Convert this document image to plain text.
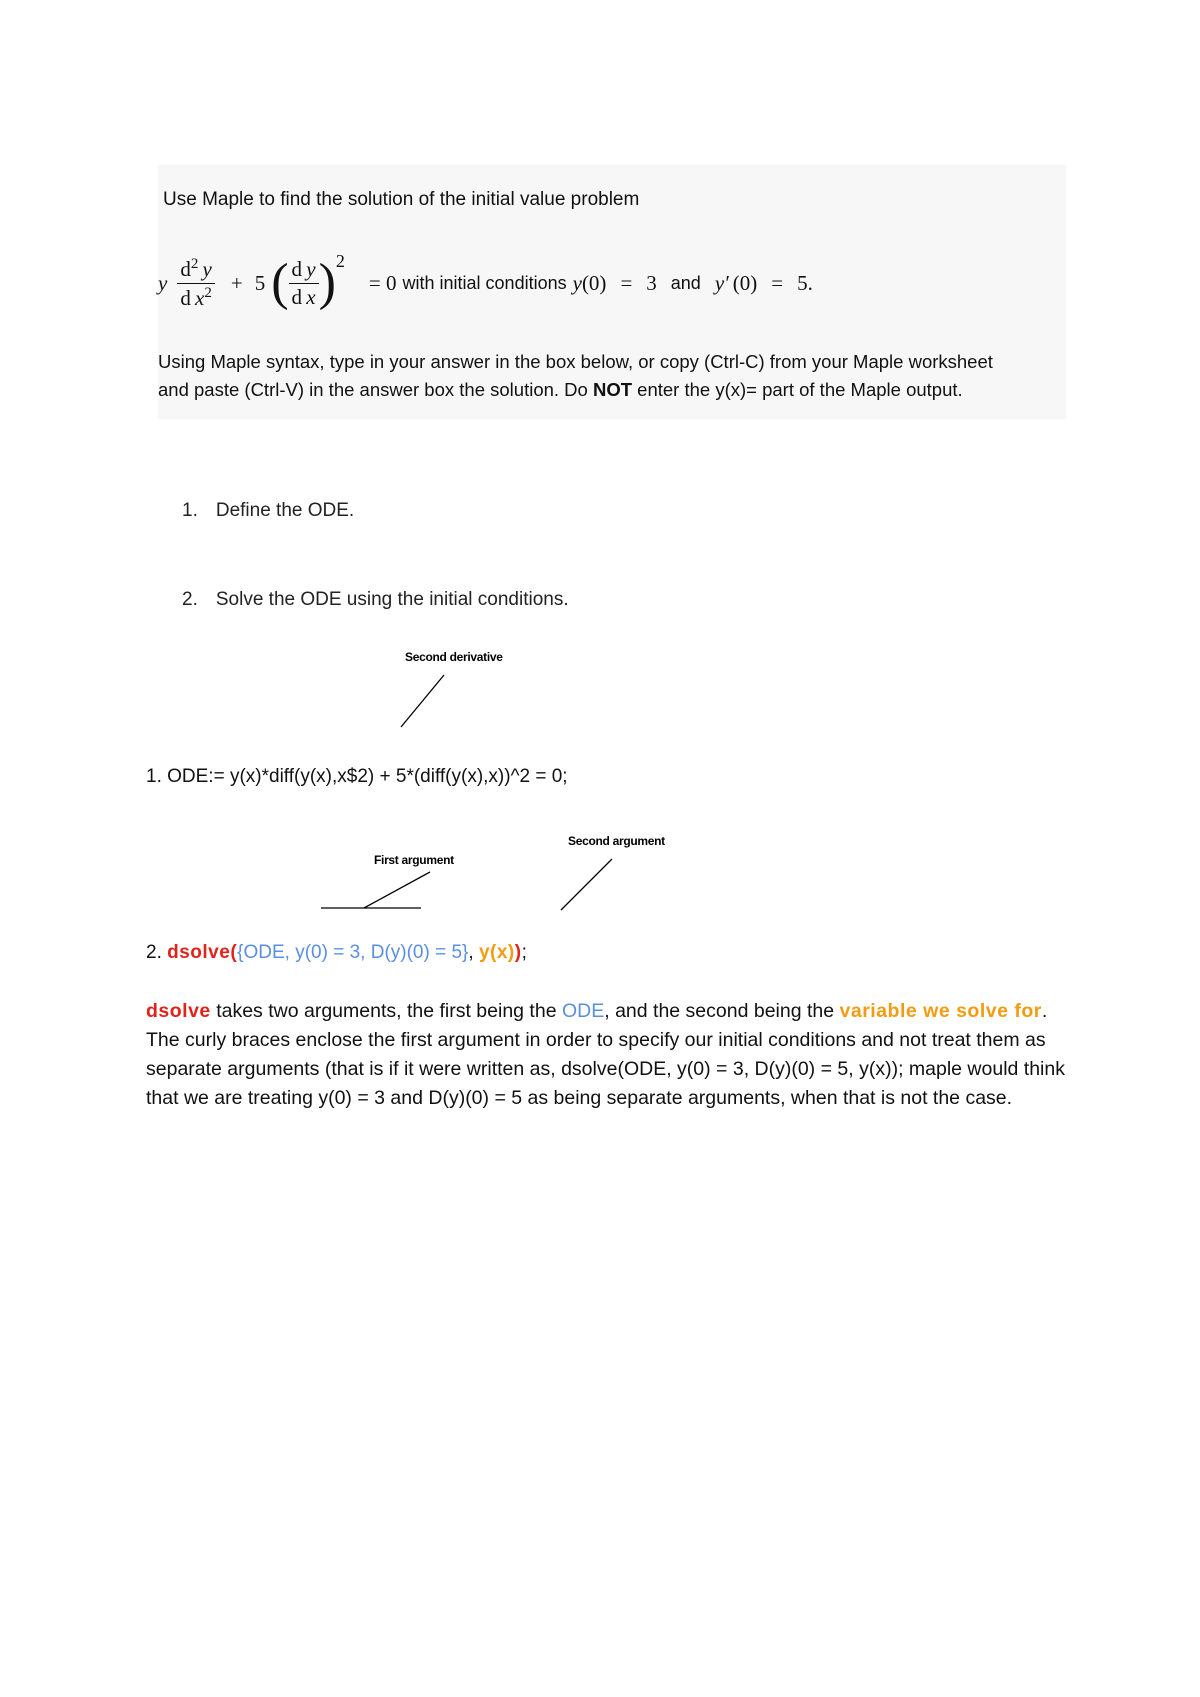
Use Maple to find the solution of the initial value problem
y $\frac{d^2 y}{d x^2} + 5$ ( $\frac{\text{d  y}}{\text{d  x}}$ ) 2
= 0 with initial conditions y (0) = 3 and y′ (0) = 5.
Using Maple syntax, type in your answer in the box below, or copy (Ctrl-C) from your Maple worksheet
and paste (Ctrl-V) in the answer box the solution. Do NOT enter the y(x)= part of the Maple output.
1. Define the ODE.
2. Solve the ODE using the initial conditions.
Second derivative
1. ODE:= y(x)*diff(y(x),x$2) + 5*(diff(y(x),x))^2 = 0;
Second argument
First argument
2. dsolve({ODE, y(0) = 3, D(y)(0) = 5}, y(x));
dsolve takes two arguments, the first being the ODE, and the second being the variable we solve for. The curly braces enclose the first argument in order to specify our initial conditions and not treat them as separate arguments (that is if it were written as, dsolve(ODE, y(0) = 3, D(y)(0) = 5, y(x)); maple would think that we are treating y(0) = 3 and D(y)(0) = 5 as being separate arguments, when that is not the case.
